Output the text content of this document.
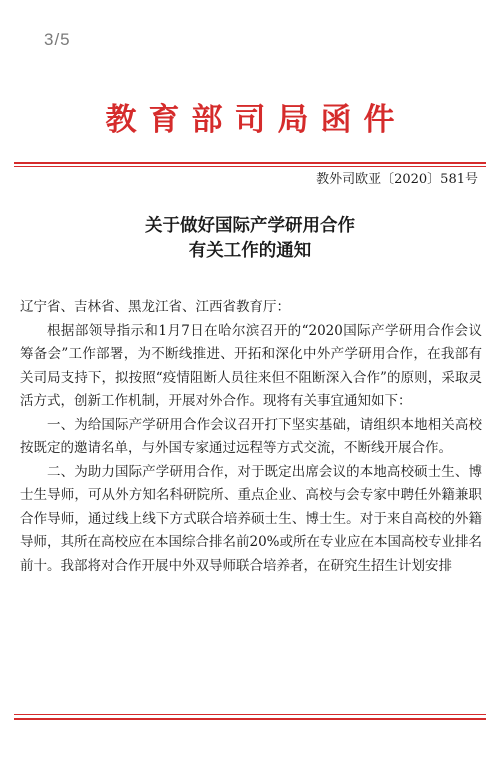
3/5
教育部司局函件
教外司欧亚〔2020〕581号
关于做好国际产学研用合作
有关工作的通知

辽宁省、吉林省、黑龙江省、江西省教育厅：

根据部领导指示和1月7日在哈尔滨召开的“2020国际产学研用合作会议筹备会”工作部署，为不断线推进、开拓和深化中外产学研用合作，在我部有关司局支持下，拟按照“疫情阻断人员往来但不阻断深入合作”的原则，采取灵活方式，创新工作机制，开展对外合作。现将有关事宜通知如下：

一、为给国际产学研用合作会议召开打下坚实基础，请组织本地相关高校按既定的邀请名单，与外国专家通过远程等方式交流，不断线开展合作。

二、为助力国际产学研用合作，对于既定出席会议的本地高校硕士生、博士生导师，可从外方知名科研院所、重点企业、高校与会专家中聘任外籍兼职合作导师，通过线上线下方式联合培养硕士生、博士生。对于来自高校的外籍导师，其所在高校应在本国综合排名前20%或所在专业应在本国高校专业排名前十。我部将对合作开展中外双导师联合培养者，在研究生招生计划安排
